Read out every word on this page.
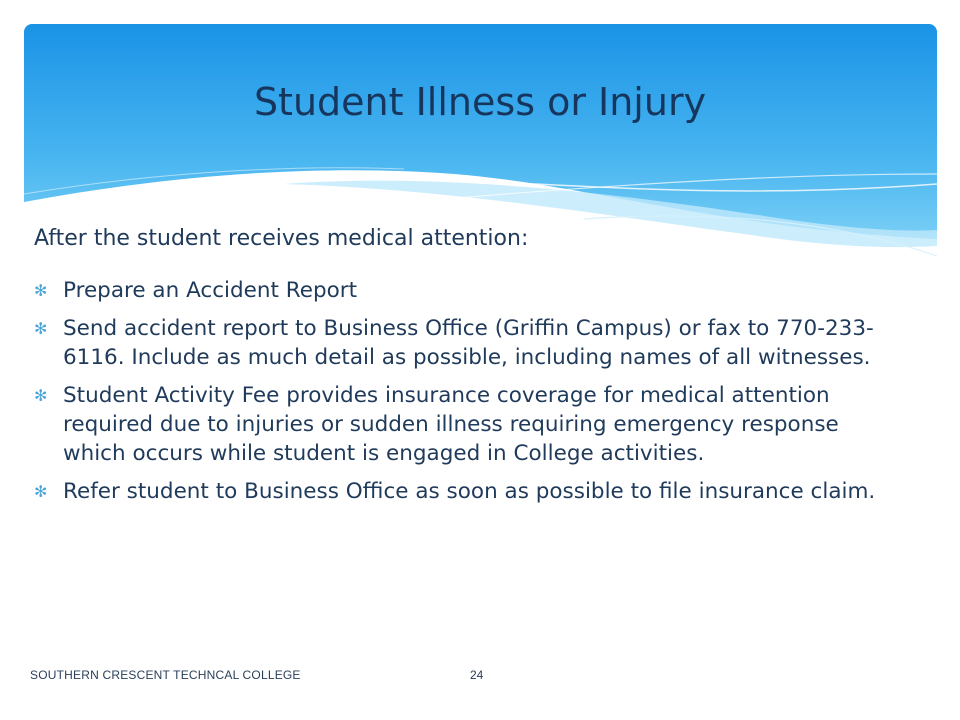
Student Illness or Injury

After the student receives medical attention:

✻ Prepare an Accident Report
✻ Send accident report to Business Office (Griffin Campus) or fax to 770-233-6116. Include as much detail as possible, including names of all witnesses.
✻ Student Activity Fee provides insurance coverage for medical attention required due to injuries or sudden illness requiring emergency response which occurs while student is engaged in College activities.
✻ Refer student to Business Office as soon as possible to file insurance claim.
SOUTHERN CRESCENT TECHNCAL COLLEGE	24
